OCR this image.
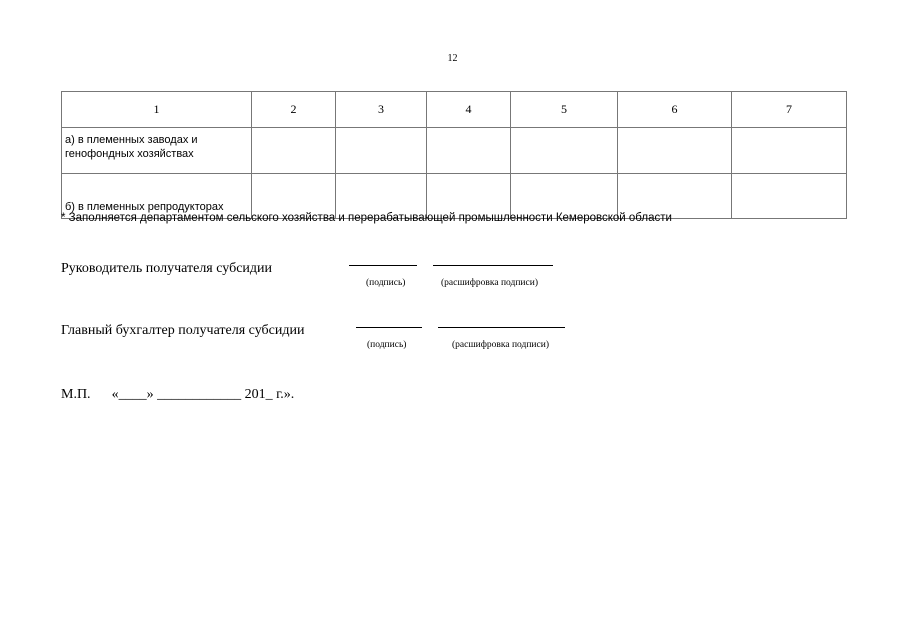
12
1	2	3	4	5	6	7
а) в племенных заводах и генофондных хозяйствах						
б) в племенных репродукторах						
* Заполняется департаментом сельского хозяйства и перерабатывающей промышленности Кемеровской области
Руководитель получателя субсидии
(подпись)	(расшифровка подписи)
Главный бухгалтер получателя субсидии
(подпись)	(расшифровка подписи)
М.П. «____» ____________ 201_ г.».
